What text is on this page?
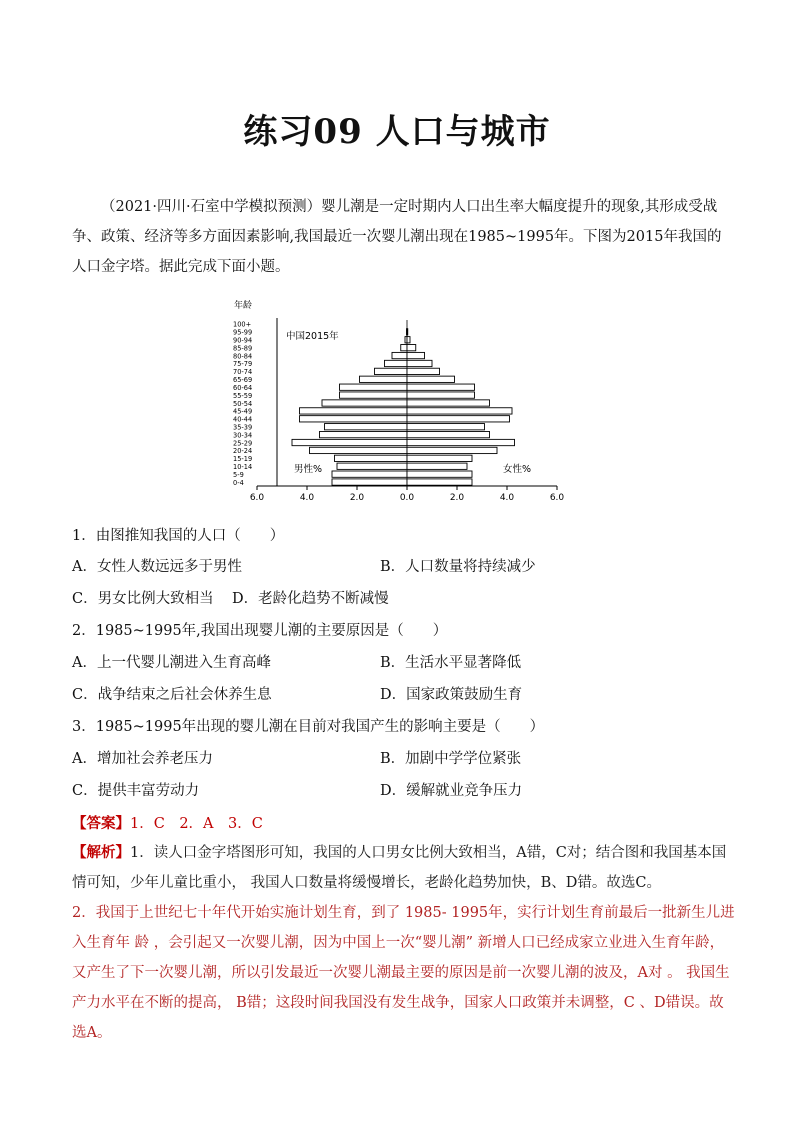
练习09 人口与城市
（2021·四川·石室中学模拟预测）婴儿潮是一定时期内人口出生率大幅度提升的现象,其形成受战争、政策、经济等多方面因素影响,我国最近一次婴儿潮出现在1985~1995年。下图为2015年我国的人口金字塔。据此完成下面小题。
6.0	4.0	2.0	0.0	2.0	4.0	6.0
年龄
0-4
5-9
10-14
15-19
20-24
25-29
30-34
35-39
40-44
45-49
50-54
55-59
60-64
65-69
70-74
75-79
80-84
85-89
90-94
95-99
100+
中国2015年
男性%	女性%
1．由图推知我国的人口（　　）
A．女性人数远远多于男性	B．人口数量将持续减少
C．男女比例大致相当 D．老龄化趋势不断减慢
2．1985~1995年,我国出现婴儿潮的主要原因是（　　）
A．上一代婴儿潮进入生育高峰	B．生活水平显著降低
C．战争结束之后社会休养生息	D．国家政策鼓励生育
3．1985~1995年出现的婴儿潮在目前对我国产生的影响主要是（　　）
A．增加社会养老压力	B．加剧中学学位紧张
C．提供丰富劳动力	D．缓解就业竞争压力
【答案】1．C　2．A　3．C
【解析】1．读人口金字塔图形可知，我国的人口男女比例大致相当，A错，C对；结合图和我国基本国情可知，少年儿童比重小， 我国人口数量将缓慢增长，老龄化趋势加快，B、D错。故选C。
2．我国于上世纪七十年代开始实施计划生育，到了 1985- 1995年，实行计划生育前最后一批新生儿进入生育年 龄 ，会引起又一次婴儿潮，因为中国上一次“婴儿潮” 新增人口已经成家立业进入生育年龄，又产生了下一次婴儿潮，所以引发最近一次婴儿潮最主要的原因是前一次婴儿潮的波及，A对 。 我国生产力水平在不断的提高， B错；这段时间我国没有发生战争，国家人口政策并未调整，C 、D错误。故选A。
